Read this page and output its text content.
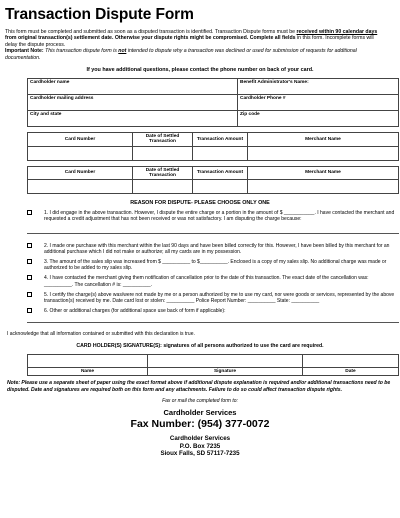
Transaction Dispute Form
This form must be completed and submitted as soon as a disputed transaction is identified. Transaction Dispute forms must be received within 90 calendar days from original transaction(s) settlement date. Otherwise your dispute rights might be compromised. Complete all fields in this form. Incomplete forms will delay the dispute process.
Important Note: This transaction dispute form is not intended to dispute why a transaction was declined or used for submission of requests for additional documentation.
If you have additional questions, please contact the phone number on back of your card.
Cardholder name	Benefit Administrator's Name:
Cardholder mailing address	Cardholder Phone #
City and state	Zip code
Card Number	Date of Settled Transaction	Transaction Amount	Merchant Name

Card Number	Date of Settled Transaction	Transaction Amount	Merchant Name

REASON FOR DISPUTE- PLEASE CHOOSE ONLY ONE
1. I did engage in the above transaction. However, I dispute the entire charge or a portion in the amount of $ ___________. I have contacted the merchant and requested a credit adjustment that has not been received or was not satisfactory. I am disputing the charge because:
2. I made one purchase with this merchant within the last 90 days and have been billed correctly for this. However, I have been billed by this merchant for an additional purchase which I did not make or authorize; all my cards are in my possession.
3. The amount of the sales slip was increased from $ __________ to $__________. Enclosed is a copy of my sales slip. No additional charge was made or authorized to be added to my sales slip.
4. I have contacted the merchant giving them notification of cancellation prior to the date of this transaction. The exact date of the cancellation was: __________. The cancellation # is: __________.
5. I certify the charge(s) above was/were not made by me or a person authorized by me to use my card, nor were goods or services, represented by the above transaction(s) received by me. Date card lost or stolen: __________ Police Report Number: __________ State: __________
6. Other or additional charges (for additional space use back of form if applicable):
I acknowledge that all information contained or submitted with this declaration is true.
CARD HOLDER(S) SIGNATURE(S): signatures of all persons authorized to use the card are required.

Name	Signature	Date
Note: Please use a separate sheet of paper using the exact format above if additional dispute explanation is required and/or additional transactions need to be disputed. Date and signatures are required both on this form and any attachments. Failure to do so could affect transaction dispute rights.
Fax or mail the completed form to:
Cardholder Services
Fax Number: (954) 377-0072
Cardholder Services
P.O. Box 7235
Sioux Falls, SD 57117-7235
